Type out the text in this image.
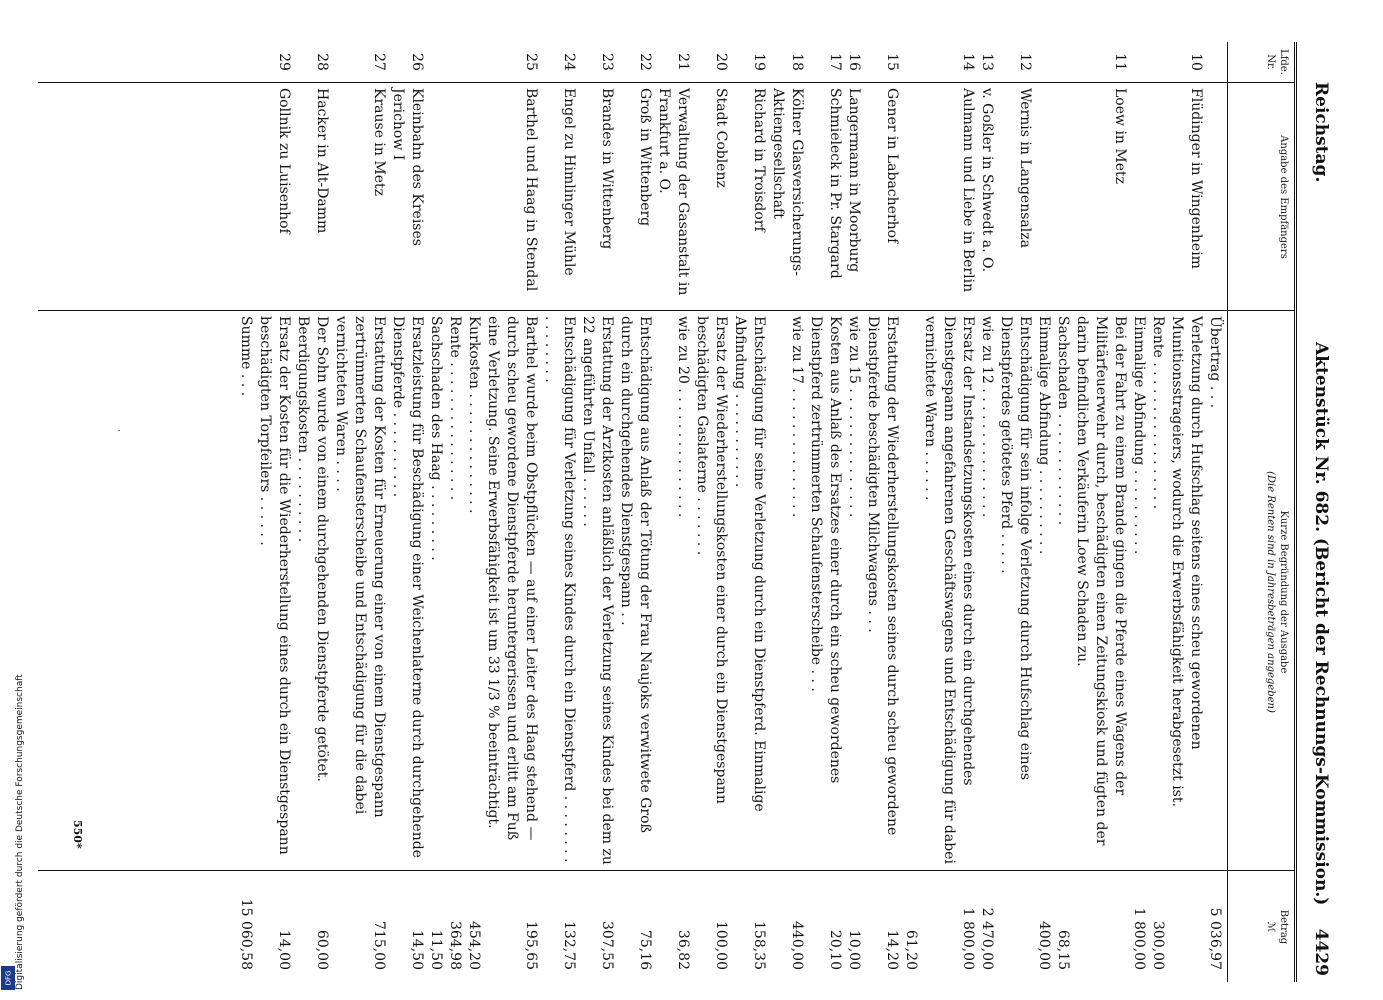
Reichstag.
Aktenstück Nr. 682. (Bericht der Rechnungs-Kommission.)
4429
Lfde. Nr.
Angabe des Empfängers
Kurze Begründung der Ausgabe
(Die Renten sind in Jahresbeträgen angegeben)
Betrag
ℳ
Übertrag . . .
5 036,97
10
Flüdinger in Wingenheim
Verletzung durch Hufschlag seitens eines scheu gewordenen Munitionsstrageiers, wodurch die Erwerbsfähigkeit herabgesetzt ist.
Rente . . . . . . . . . . . . . . . . .
300,00
Einmalige Abfindung . . . . . . . . . .
1 800,00
11
Loew in Metz
Bei der Fahrt zu einem Brande gingen die Pferde eines Wagens der Militärfeuerwehr durch, beschädigten einen Zeitungskiosk und fügten der darin befindlichen Verkäuferin Loew Schaden zu.
Sachschaden . . . . . . . . . . . . .
68,15
Einmalige Abfindung . . . . . . . . . .
400,00
12
Wernis in Langensalza
Entschädigung für sein infolge Verletzung durch Hufschlag eines Dienstpferdes getötetes Pferd . . . . .
13
v. Goßler in Schwedt a. O.
wie zu 12 . . . . . . . . . . . . . . .
2 470,00
14
Aulmann und Liebe in Berlin
Ersatz der Instandsetzungskosten eines durch ein durchgehendes Dienstgespann angefahrenen Geschäftswagens und Entschädigung für dabei vernichtete Waren . . . . . .
1 800,00
61,20
15
Gener in Labacherhof
Erstattung der Wiederherstellungskosten seines durch scheu gewordene Dienstpferde beschädigten Milchwagens . . .
14,20
16
Langermann in Moorburg
wie zu 15 . . . . . . . . . . . . . . .
10,00
17
Schmieleck in Pr. Stargard
Kosten aus Anlaß des Ersatzes einer durch ein scheu gewordenes Dienstpferd zertrümmerten Schaufensterscheibe . . .
20,10
18
Kölner Glasversicherungs-Aktiengesellschaft
wie zu 17 . . . . . . . . . . . . . . .
440,00
19
Richard in Troisdorf
Entschädigung für seine Verletzung durch ein Dienstpferd. Einmalige Abfindung . . . . . . . . . . .
158,35
20
Stadt Coblenz
Ersatz der Wiederherstellungskosten einer durch ein Dienstgespann beschädigten Gaslaterne . . . . . . .
100,00
21
Verwaltung der Gasanstalt in Frankfurt a. O.
wie zu 20 . . . . . . . . . . . . . . .
36,82
22
Groß in Wittenberg
Entschädigung aus Anlaß der Tötung der Frau Naujoks verwitwete Groß durch ein durchgehendes Dienstgespann . .
75,16
23
Brandes in Wittenberg
Erstattung der Arztkosten anläßlich der Verletzung seines Kindes bei dem zu 22 angeführten Unfall . . . . . .
307,55
24
Engel zu Himlinger Mühle
Entschädigung für Verletzung seines Kindes durch ein Dienstpferd . . . . . . . . . . . . . . . .
132,75
25
Barthel und Haag in Stendal
Barthel wurde beim Obstpflücken — auf einer Leiter des Haag stehend — durch scheu gewordene Dienstpferde heruntergerissen und erlitt am Fuß eine Verletzung. Seine Erwerbsfähigkeit ist um 33 1/3 % beeinträchtigt.
195,65
Kurkosten . . . . . . . . . . . . . .
454,20
Rente . . . . . . . . . . . . . . . .
364,98
Sachschaden des Haag . . . . . . . . .
11,50
26
Kleinbahn des Kreises Jerichow I
Ersatzleistung für Beschädigung einer Weichenlaterne durch durchgehende Dienstpferde . . . . . . . . . .
14,50
27
Krause in Metz
Erstattung der Kosten für Erneuerung einer von einem Dienstgespann zertrümmerten Schaufensterscheibe und Entschädigung für die dabei vernichteten Waren . . . .
715,00
28
Hacker in Alt-Damm
Der Sohn wurde von einem durchgehenden Dienstpferde getötet. Beerdigungskosten . . . . . . . . . .
60,00
29
Gollnik zu Luisenhof
Ersatz der Kosten für die Wiederherstellung eines durch ein Dienstgespann beschädigten Torpfeilers . . . . . .
14,00
Summe . . .
15 060,58
550*
Digitalisierung gefördert durch die Deutsche Forschungsgemeinschaft
DFG
